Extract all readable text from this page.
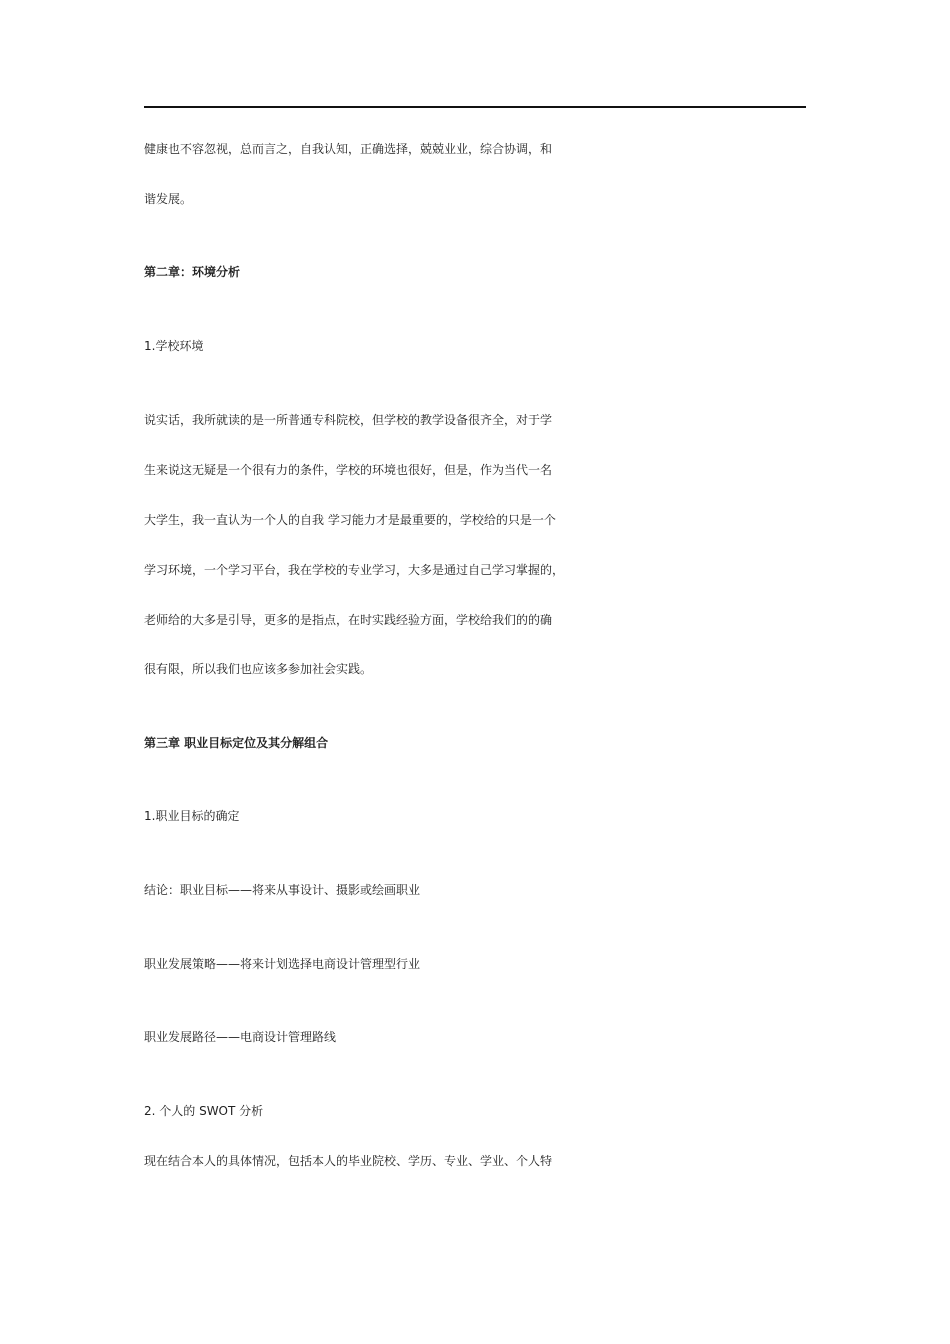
健康也不容忽视，总而言之，自我认知，正确选择，兢兢业业，综合协调，和
谐发展。
第二章：环境分析
1.学校环境
说实话，我所就读的是一所普通专科院校，但学校的教学设备很齐全，对于学
生来说这无疑是一个很有力的条件，学校的环境也很好，但是，作为当代一名
大学生，我一直认为一个人的自我 学习能力才是最重要的，学校给的只是一个
学习环境，一个学习平台，我在学校的专业学习，大多是通过自己学习掌握的，
老师给的大多是引导，更多的是指点，在时实践经验方面，学校给我们的的确
很有限，所以我们也应该多参加社会实践。
第三章 职业目标定位及其分解组合
1.职业目标的确定
结论：职业目标——将来从事设计、摄影或绘画职业
职业发展策略——将来计划选择电商设计管理型行业
职业发展路径——电商设计管理路线
2. 个人的 SWOT 分析
现在结合本人的具体情况，包括本人的毕业院校、学历、专业、学业、个人特
